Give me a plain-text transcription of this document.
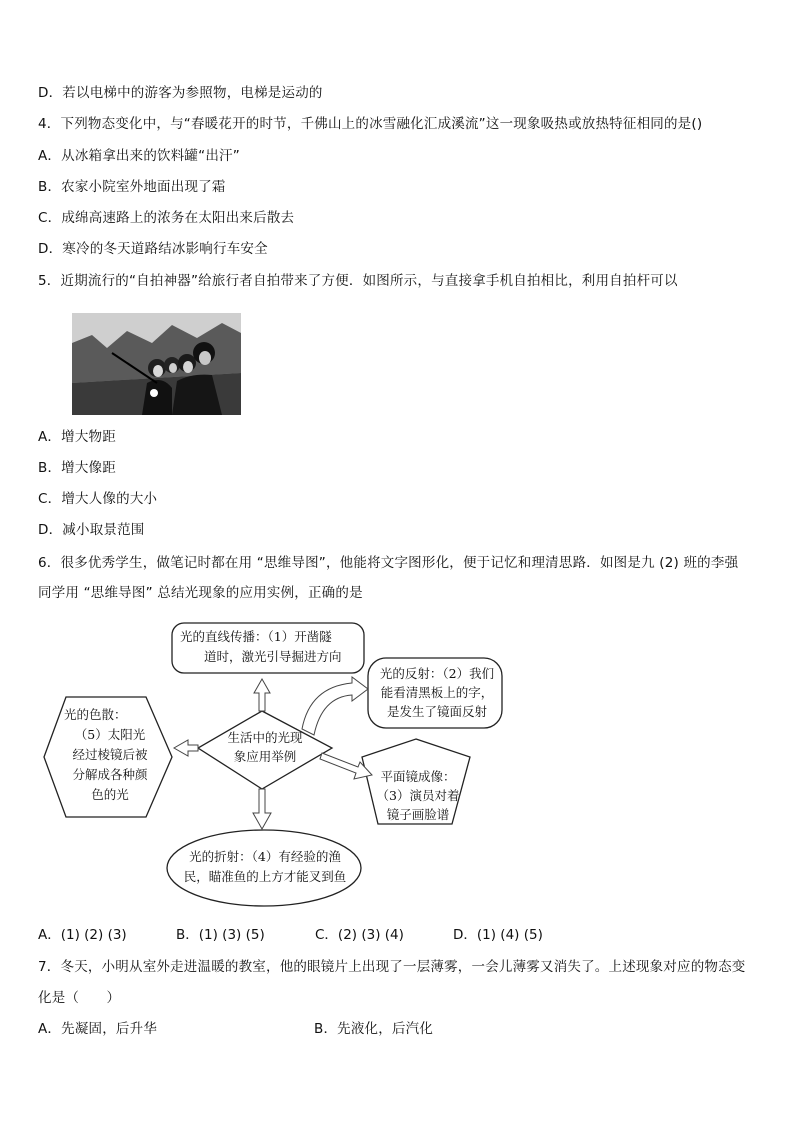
D．若以电梯中的游客为参照物，电梯是运动的
4．下列物态变化中，与“春暖花开的时节，千佛山上的冰雪融化汇成溪流”这一现象吸热或放热特征相同的是()
A．从冰箱拿出来的饮料罐“出汗”
B．农家小院室外地面出现了霜
C．成绵高速路上的浓务在太阳出来后散去
D．寒冷的冬天道路结冰影响行车安全
5．近期流行的“自拍神器”给旅行者自拍带来了方便．如图所示，与直接拿手机自拍相比，利用自拍杆可以
A．增大物距
B．增大像距
C．增大人像的大小
D．减小取景范围
6．很多优秀学生，做笔记时都在用 “思维导图”，他能将文字图形化，便于记忆和理清思路．如图是九 (2) 班的李强
同学用 “思维导图” 总结光现象的应用实例，正确的是
光的直线传播：（1）开凿隧
道时，激光引导掘进方向
光的反射：（2）我们
能看清黑板上的字，
是发生了镜面反射
光的色散：
（5）太阳光
经过棱镜后被
分解成各种颜
色的光
生活中的光现
象应用举例
平面镜成像：
（3）演员对着
镜子画脸谱
光的折射：（4）有经验的渔
民，瞄准鱼的上方才能叉到鱼
A．(1) (2) (3)	B．(1) (3) (5)	C．(2) (3) (4)	D．(1) (4) (5)
7．冬天，小明从室外走进温暖的教室，他的眼镜片上出现了一层薄雾，一会儿薄雾又消失了。上述现象对应的物态变
化是（　　）
A．先凝固，后升华	B．先液化，后汽化
